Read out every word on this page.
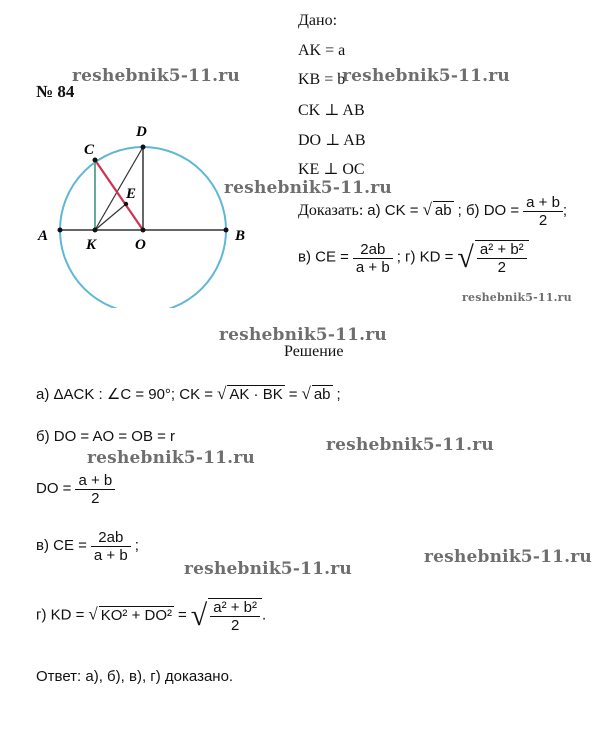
№ 84
A	B
C
D
E
K	O
Дано:
AK = a
KB = b
CK ⊥ AB
DO ⊥ AB
KE ⊥ OC
Доказать: а) CK = √ ab ; б) DO = $\frac{a + b}{2}$ ;
в) CE = $\frac{2ab}{a + b}$ ; г) KD = √ $\frac{\text{a² + b²}}{2}$
Решение
а) ΔACK : ∠C = 90°; CK = √ AK · BK = √ ab ;
б) DO = AO = OB = r
DO = $\frac{a + b}{2}$
в) CE = $\frac{2ab}{a + b}$ ;
г) KD = √ KO² + DO² = √ $\frac{\text{a² + b²}}{2}$ .
Ответ: а), б), в), г) доказано.
reshebnik5-11.ru	reshebnik5-11.ru
reshebnik5-11.ru
reshebnik5-11.ru
reshebnik5-11.ru
reshebnik5-11.ru
reshebnik5-11.ru
reshebnik5-11.ru
reshebnik5-11.ru
